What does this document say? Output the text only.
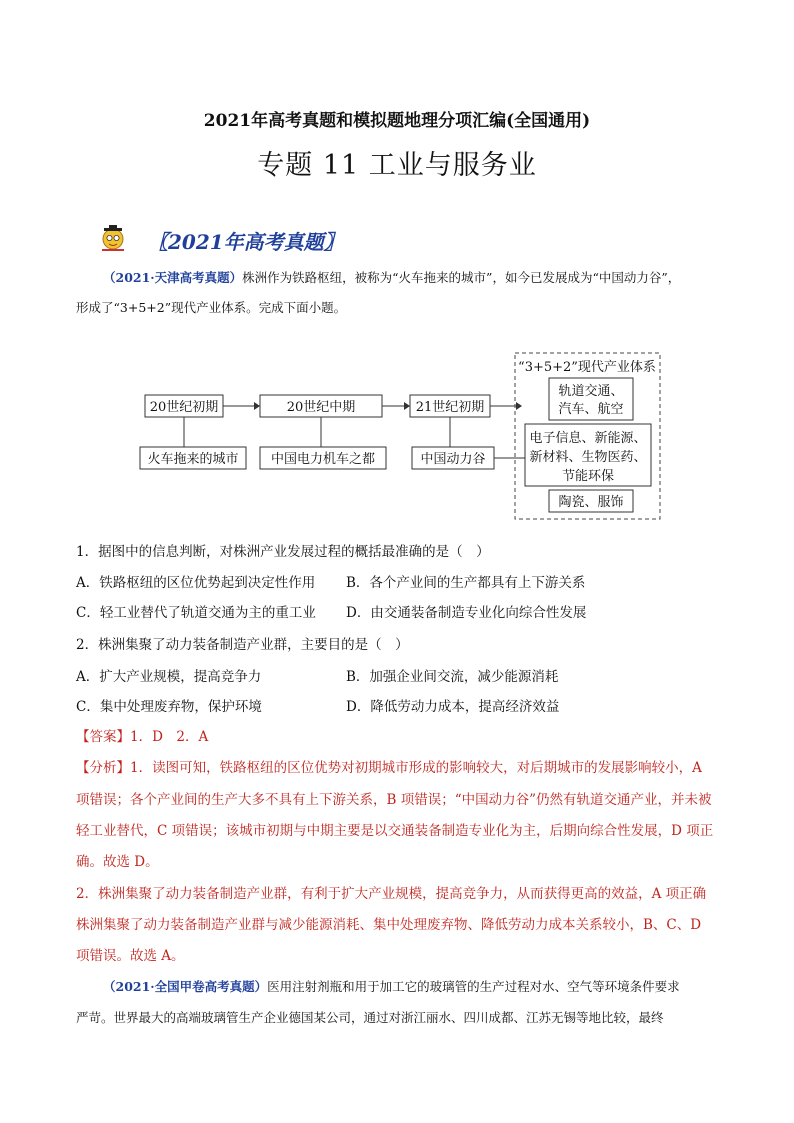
2021年高考真题和模拟题地理分项汇编(全国通用)
专题 11 工业与服务业
〖2021年高考真题〗
（2021·天津高考真题）株洲作为铁路枢纽，被称为“火车拖来的城市”，如今已发展成为“中国动力谷”，
形成了“3+5+2”现代产业体系。完成下面小题。
20世纪初期	20世纪中期	21世纪初期
火车拖来的城市 中国电力机车之都	中国动力谷
“3+5+2”现代产业体系
轨道交通、
汽车、航空
电子信息、新能源、
新材料、生物医药、
节能环保
陶瓷、服饰
1．据图中的信息判断，对株洲产业发展过程的概括最准确的是（　）
A．铁路枢纽的区位优势起到决定性作用 B．各个产业间的生产都具有上下游关系
C．轻工业替代了轨道交通为主的重工业 D．由交通装备制造专业化向综合性发展
2．株洲集聚了动力装备制造产业群，主要目的是（　）
A．扩大产业规模，提高竞争力	B．加强企业间交流，减少能源消耗
C．集中处理废弃物，保护环境	D．降低劳动力成本，提高经济效益
【答案】1．D　2．A
【分析】1．读图可知，铁路枢纽的区位优势对初期城市形成的影响较大，对后期城市的发展影响较小，A
项错误；各个产业间的生产大多不具有上下游关系，B 项错误；“中国动力谷”仍然有轨道交通产业，并未被
轻工业替代，C 项错误；该城市初期与中期主要是以交通装备制造专业化为主，后期向综合性发展，D 项正
确。故选 D。
2．株洲集聚了动力装备制造产业群，有利于扩大产业规模，提高竞争力，从而获得更高的效益，A 项正确
株洲集聚了动力装备制造产业群与减少能源消耗、集中处理废弃物、降低劳动力成本关系较小，B、C、D
项错误。故选 A。
（2021·全国甲卷高考真题）医用注射剂瓶和用于加工它的玻璃管的生产过程对水、空气等环境条件要求
严苛。世界最大的高端玻璃管生产企业德国某公司，通过对浙江丽水、四川成都、江苏无锡等地比较，最终
